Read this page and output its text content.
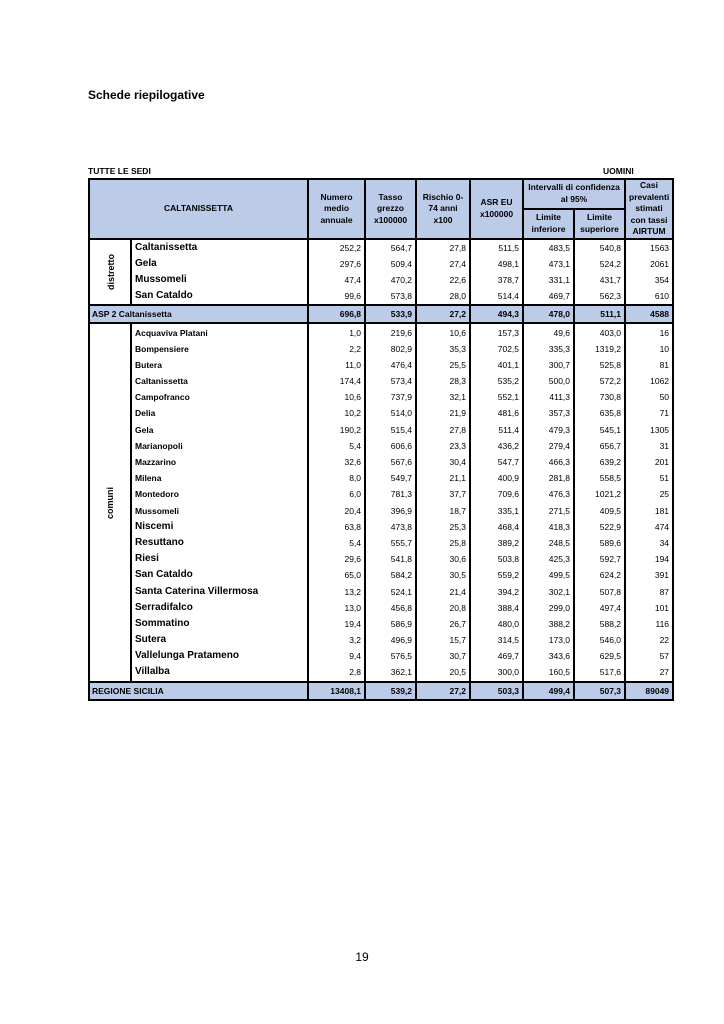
Schede riepilogative
TUTTE LE SEDI	UOMINI
CALTANISSETTA		Numero medio annuale	Tasso grezzo x100000	Rischio 0-74 anni x100	ASR EU x100000	Intervalli di confidenza al 95%		Casi prevalenti stimati con tassi AIRTUM
						Limite inferiore	Limite superiore	
distretto	Caltanissetta	252,2	564,7	27,8	511,5	483,5	540,8	1563
	Gela	297,6	509,4	27,4	498,1	473,1	524,2	2061
	Mussomeli	47,4	470,2	22,6	378,7	331,1	431,7	354
	San Cataldo	99,6	573,8	28,0	514,4	469,7	562,3	610
ASP 2 Caltanissetta		696,8	533,9	27,2	494,3	478,0	511,1	4588
comuni	Acquaviva Platani	1,0	219,6	10,6	157,3	49,6	403,0	16
	Bompensiere	2,2	802,9	35,3	702,5	335,3	1319,2	10
	Butera	11,0	476,4	25,5	401,1	300,7	525,8	81
	Caltanissetta	174,4	573,4	28,3	535,2	500,0	572,2	1062
	Campofranco	10,6	737,9	32,1	552,1	411,3	730,8	50
	Delia	10,2	514,0	21,9	481,6	357,3	635,8	71
	Gela	190,2	515,4	27,8	511,4	479,3	545,1	1305
	Marianopoli	5,4	606,6	23,3	436,2	279,4	656,7	31
	Mazzarino	32,6	567,6	30,4	547,7	466,3	639,2	201
	Milena	8,0	549,7	21,1	400,9	281,8	558,5	51
	Montedoro	6,0	781,3	37,7	709,6	476,3	1021,2	25
	Mussomeli	20,4	396,9	18,7	335,1	271,5	409,5	181
	Niscemi	63,8	473,8	25,3	468,4	418,3	522,9	474
	Resuttano	5,4	555,7	25,8	389,2	248,5	589,6	34
	Riesi	29,6	541,8	30,6	503,8	425,3	592,7	194
	San Cataldo	65,0	584,2	30,5	559,2	499,5	624,2	391
	Santa Caterina Villermosa	13,2	524,1	21,4	394,2	302,1	507,8	87
	Serradifalco	13,0	456,8	20,8	388,4	299,0	497,4	101
	Sommatino	19,4	586,9	26,7	480,0	388,2	588,2	116
	Sutera	3,2	496,9	15,7	314,5	173,0	546,0	22
	Vallelunga Pratameno	9,4	576,5	30,7	469,7	343,6	629,5	57
	Villalba	2,8	362,1	20,5	300,0	160,5	517,6	27
REGIONE SICILIA		13408,1	539,2	27,2	503,3	499,4	507,3	89049
19
